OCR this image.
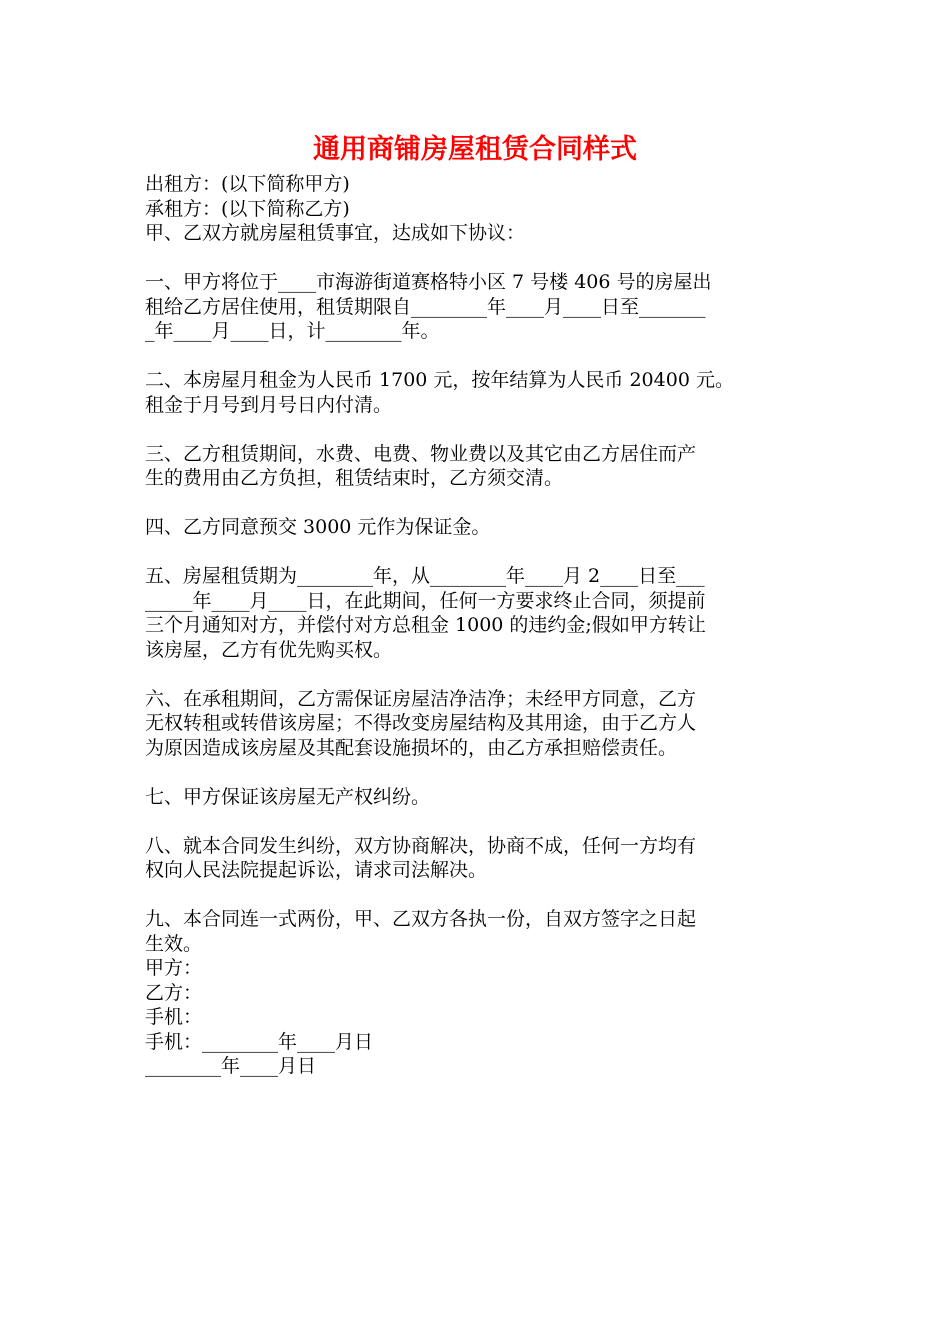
通用商铺房屋租赁合同样式
出租方：(以下简称甲方)
承租方：(以下简称乙方)
甲、乙双方就房屋租赁事宜，达成如下协议：
一、甲方将位于____市海游街道赛格特小区 7 号楼 406 号的房屋出
租给乙方居住使用，租赁期限自________年____月____日至_______
_年____月____日，计________年。
二、本房屋月租金为人民币 1700 元，按年结算为人民币 20400 元。
租金于月号到月号日内付清。
三、乙方租赁期间，水费、电费、物业费以及其它由乙方居住而产
生的费用由乙方负担，租赁结束时，乙方须交清。
四、乙方同意预交 3000 元作为保证金。
五、房屋租赁期为________年，从________年____月 2____日至___
_____年____月____日，在此期间，任何一方要求终止合同，须提前
三个月通知对方，并偿付对方总租金 1000 的违约金;假如甲方转让
该房屋，乙方有优先购买权。
六、在承租期间，乙方需保证房屋洁净洁净；未经甲方同意，乙方
无权转租或转借该房屋；不得改变房屋结构及其用途，由于乙方人
为原因造成该房屋及其配套设施损坏的，由乙方承担赔偿责任。
七、甲方保证该房屋无产权纠纷。
八、就本合同发生纠纷，双方协商解决，协商不成，任何一方均有
权向人民法院提起诉讼，请求司法解决。
九、本合同连一式两份，甲、乙双方各执一份，自双方签字之日起
生效。
甲方：
乙方：
手机：
手机：________年____月日
________年____月日
